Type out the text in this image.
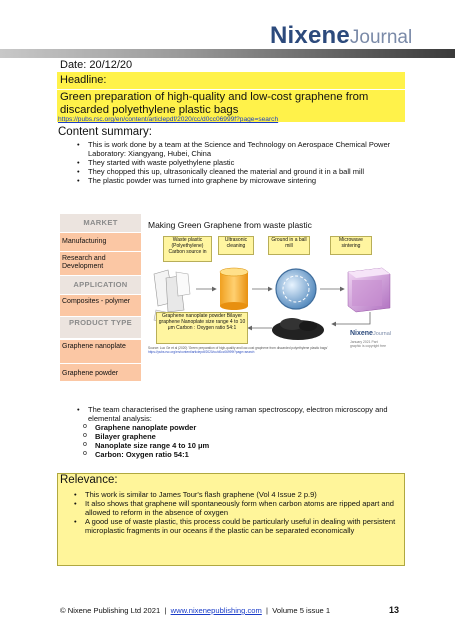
NixeneJournal
Date: 20/12/20
Headline:
Green preparation of high-quality and low-cost graphene from discarded polyethylene plastic bags
https://pubs.rsc.org/en/content/articlepdf/2020/cc/d0cc06999f?page=search
Content summary:
• This is work done by a team at the Science and Technology on Aerospace Chemical Power Laboratory: Xiangyang, Hubei, China
• They started with waste polyethylene plastic
• They chopped this up, ultrasonically cleaned the material and ground it in a ball mill
• The plastic powder was turned into graphene by microwave sintering
MARKET
Manufacturing
Research and Development
APPLICATION
Composites - polymer
PRODUCT TYPE
Graphene nanoplate
Graphene powder
Making Green Graphene from waste plastic
Waste plastic (Polyethylene) Carbon source in
Ultrasonic cleaning
Ground in a ball mill
Microwave sintering
Graphene nanoplate powder Bilayer graphene Nanoplate size range 4 to 10 μm Carbon : Oxygen ratio 54:1
NixeneJournal
January 2021 Part graphic is copyright free
Source: Luo Ge et al (2020) 'Green preparation of high-quality and low-cost graphene from discarded polyethylene plastic bags'
https://pubs.rsc.org/en/content/articlepdf/2020/cc/d0cc06999f?page=search
• The team characterised the graphene using raman spectroscopy, electron microscopy and elemental analysis:
o Graphene nanoplate powder
o Bilayer graphene
o Nanoplate size range 4 to 10 μm
o Carbon: Oxygen ratio 54:1
Relevance:
• This work is similar to James Tour's flash graphene (Vol 4 Issue 2 p.9)
• It also shows that graphene will spontaneously form when carbon atoms are ripped apart and allowed to reform in the absence of oxygen
• A good use of waste plastic, this process could be particularly useful in dealing with persistent microplastic fragments in our oceans if the plastic can be separated economically
© Nixene Publishing Ltd 2021 | www.nixenepublishing.com | Volume 5 issue 1	13
